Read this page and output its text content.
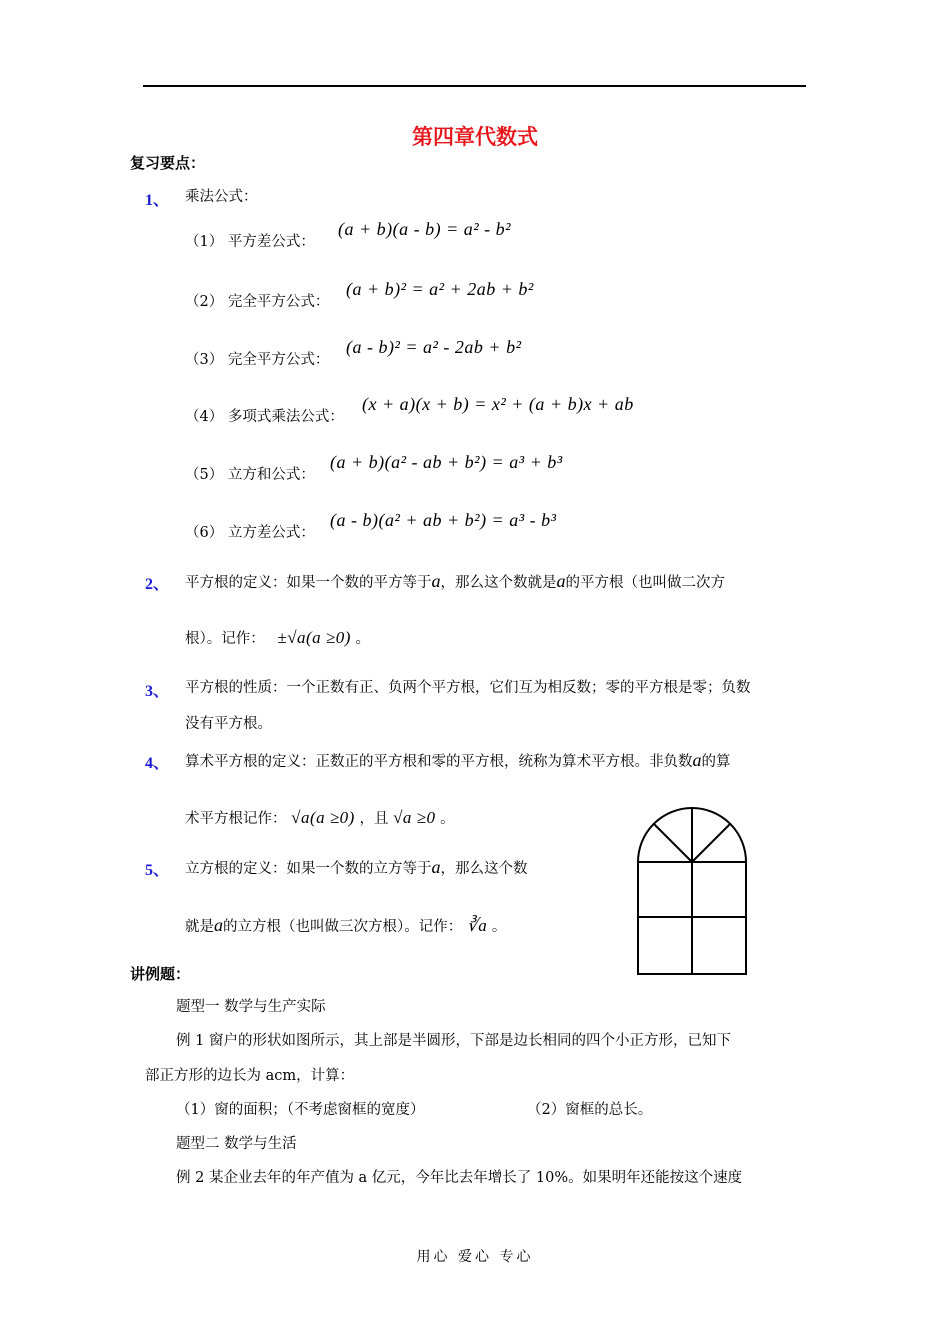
第四章代数式
复习要点：
1、 乘法公式：
（1） 平方差公式：
(a + b)(a - b) = a² - b²
（2） 完全平方公式：
(a + b)² = a² + 2ab + b²
（3） 完全平方公式：
(a - b)² = a² - 2ab + b²
（4） 多项式乘法公式：
(x + a)(x + b) = x² + (a + b)x + ab
（5） 立方和公式：
(a + b)(a² - ab + b²) = a³ + b³
（6） 立方差公式：
(a - b)(a² + ab + b²) = a³ - b³
2、 平方根的定义：如果一个数的平方等于a，那么这个数就是a的平方根（也叫做二次方
根）。记作： ±√a(a ≥0) 。
3、 平方根的性质：一个正数有正、负两个平方根，它们互为相反数；零的平方根是零；负数
没有平方根。
4、 算术平方根的定义：正数正的平方根和零的平方根，统称为算术平方根。非负数a的算
术平方根记作： √a(a ≥0) ，且 √a ≥0 。
5、 立方根的定义：如果一个数的立方等于a，那么这个数
就是a的立方根（也叫做三次方根）。记作： ∛a 。
讲例题：
题型一 数学与生产实际
例 1 窗户的形状如图所示，其上部是半圆形，下部是边长相同的四个小正方形，已知下
部正方形的边长为 acm，计算：
（1）窗的面积；（不考虑窗框的宽度）	（2）窗框的总长。
题型二 数学与生活
例 2 某企业去年的年产值为 a 亿元，今年比去年增长了 10%。如果明年还能按这个速度
用心 爱心 专心
